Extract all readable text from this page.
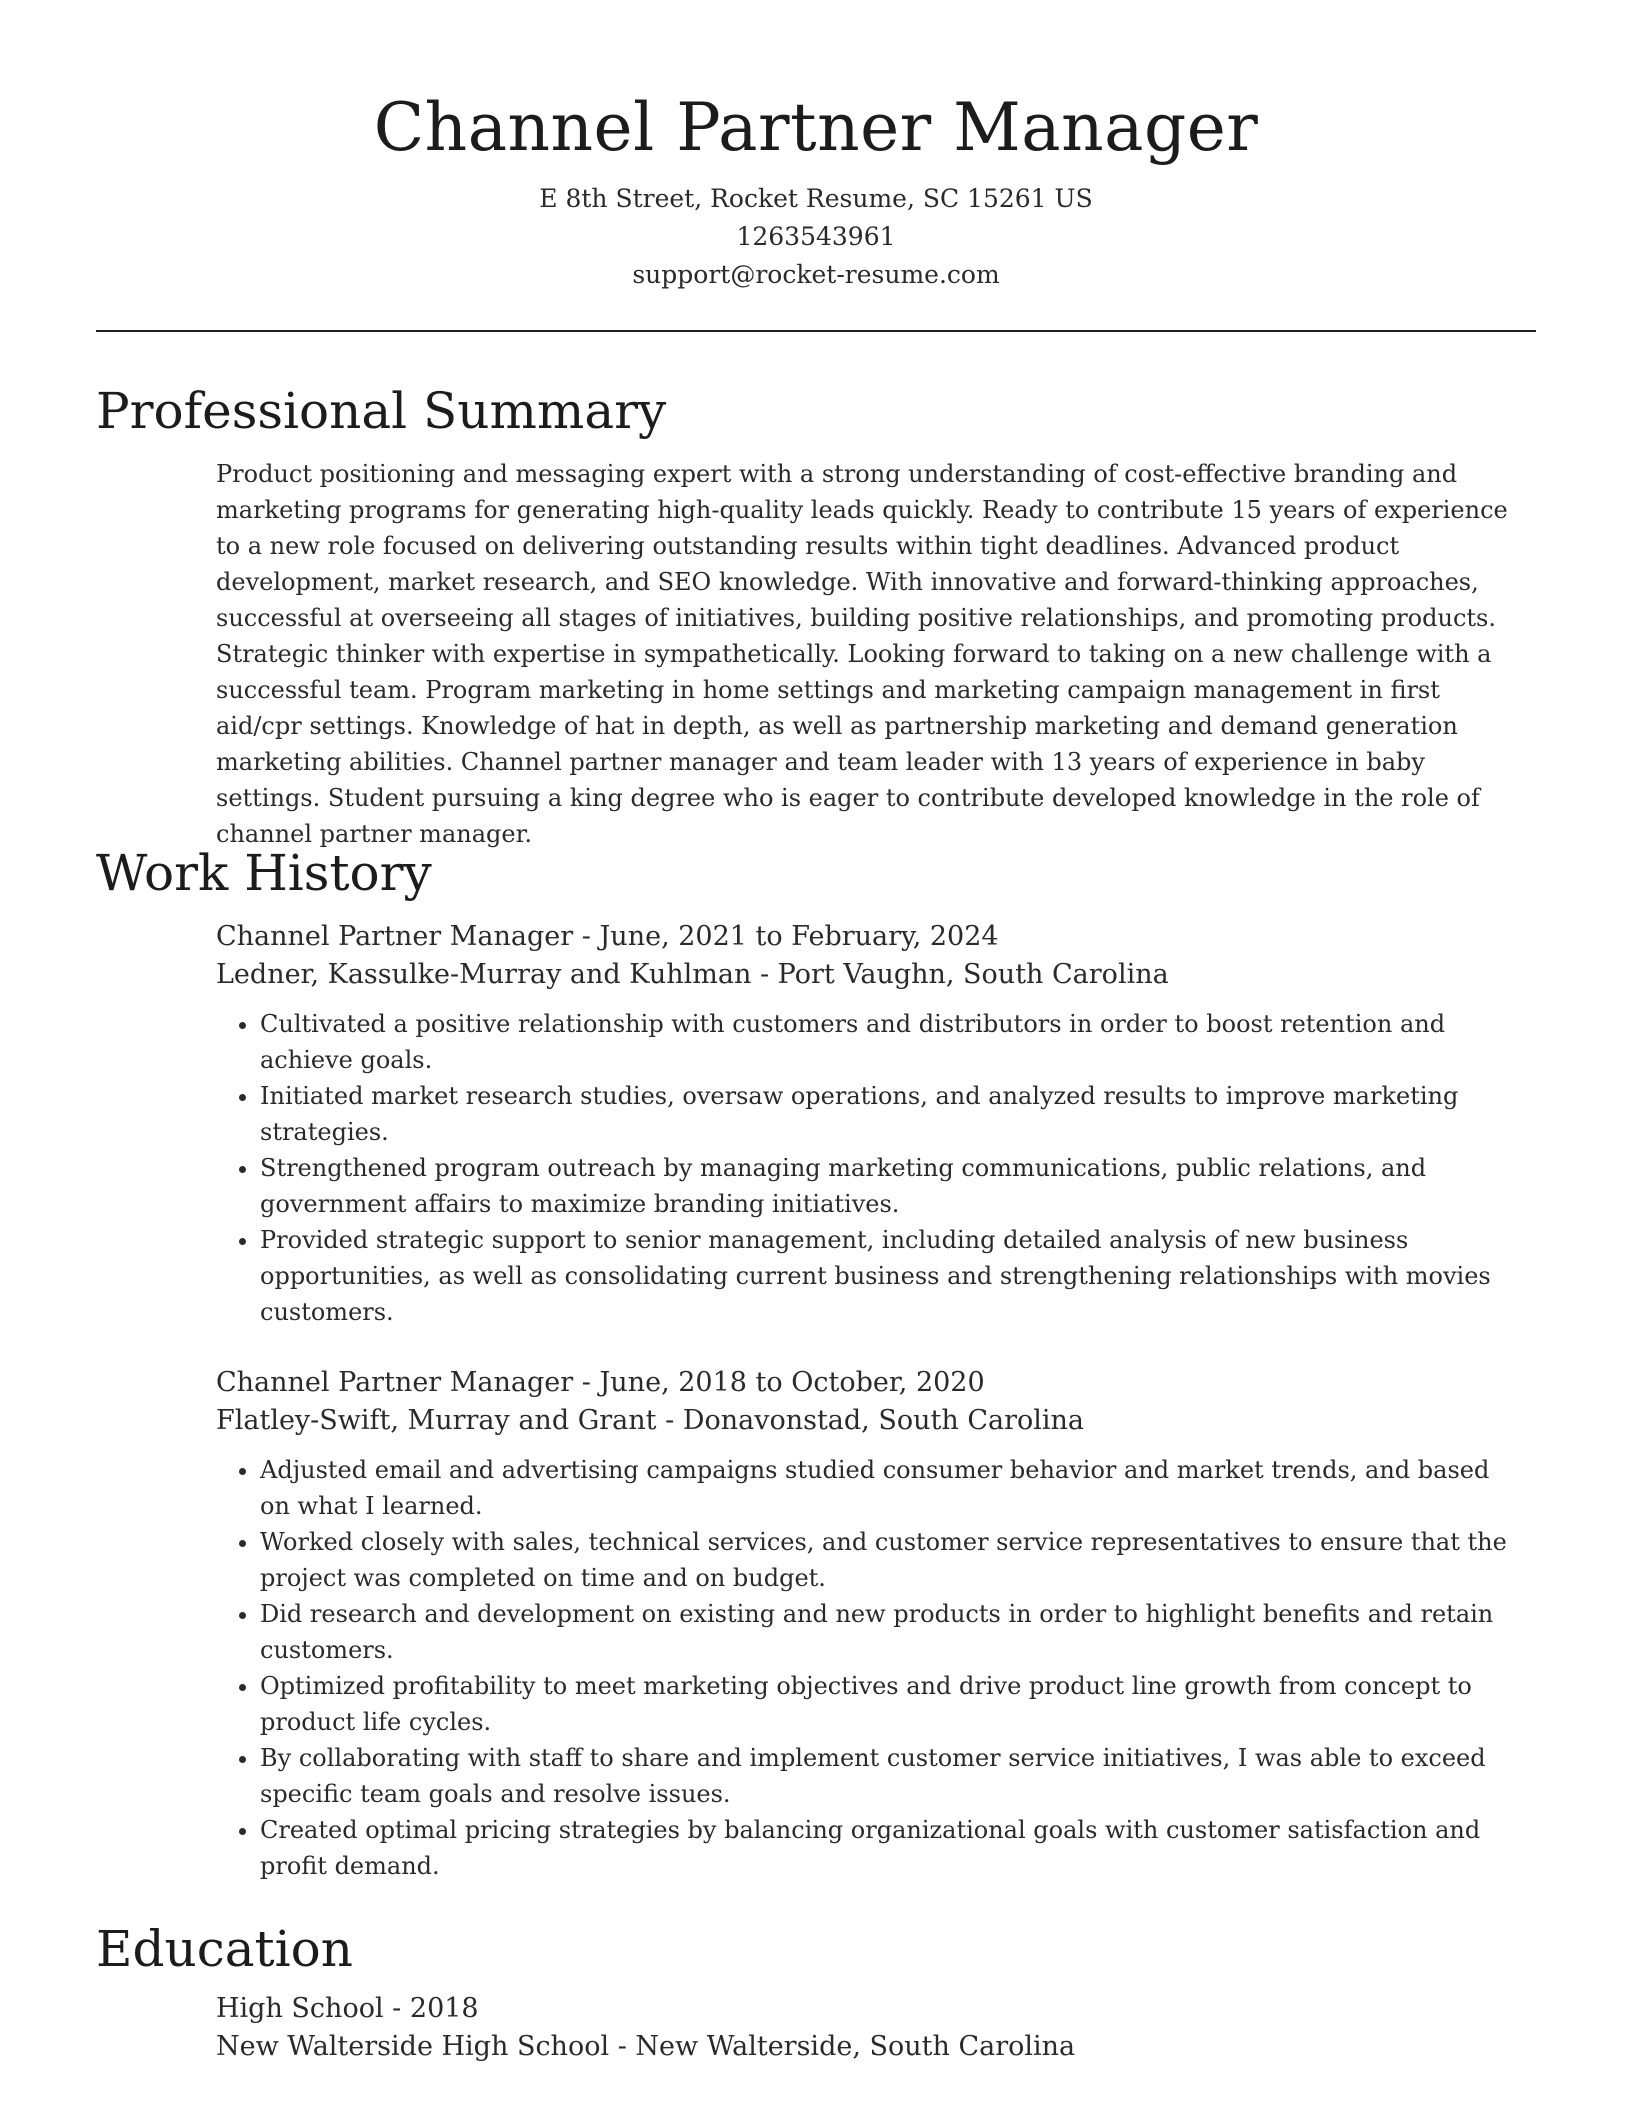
Channel Partner Manager
E 8th Street, Rocket Resume, SC 15261 US
1263543961
support@rocket-resume.com
Professional Summary

Product positioning and messaging expert with a strong understanding of cost-effective branding and marketing programs for generating high-quality leads quickly. Ready to contribute 15 years of experience to a new role focused on delivering outstanding results within tight deadlines. Advanced product development, market research, and SEO knowledge. With innovative and forward-thinking approaches, successful at overseeing all stages of initiatives, building positive relationships, and promoting products. Strategic thinker with expertise in sympathetically. Looking forward to taking on a new challenge with a successful team. Program marketing in home settings and marketing campaign management in first aid/cpr settings. Knowledge of hat in depth, as well as partnership marketing and demand generation marketing abilities. Channel partner manager and team leader with 13 years of experience in baby settings. Student pursuing a king degree who is eager to contribute developed knowledge in the role of channel partner manager.

Work History
Channel Partner Manager - June, 2021 to February, 2024
Ledner, Kassulke-Murray and Kuhlman - Port Vaughn, South Carolina
• Cultivated a positive relationship with customers and distributors in order to boost retention and achieve goals.
• Initiated market research studies, oversaw operations, and analyzed results to improve marketing strategies.
• Strengthened program outreach by managing marketing communications, public relations, and government affairs to maximize branding initiatives.
• Provided strategic support to senior management, including detailed analysis of new business opportunities, as well as consolidating current business and strengthening relationships with movies customers.
Channel Partner Manager - June, 2018 to October, 2020
Flatley-Swift, Murray and Grant - Donavonstad, South Carolina
• Adjusted email and advertising campaigns studied consumer behavior and market trends, and based on what I learned.
• Worked closely with sales, technical services, and customer service representatives to ensure that the project was completed on time and on budget.
• Did research and development on existing and new products in order to highlight benefits and retain customers.
• Optimized profitability to meet marketing objectives and drive product line growth from concept to product life cycles.
• By collaborating with staff to share and implement customer service initiatives, I was able to exceed specific team goals and resolve issues.
• Created optimal pricing strategies by balancing organizational goals with customer satisfaction and profit demand.
Education
High School - 2018
New Walterside High School - New Walterside, South Carolina
